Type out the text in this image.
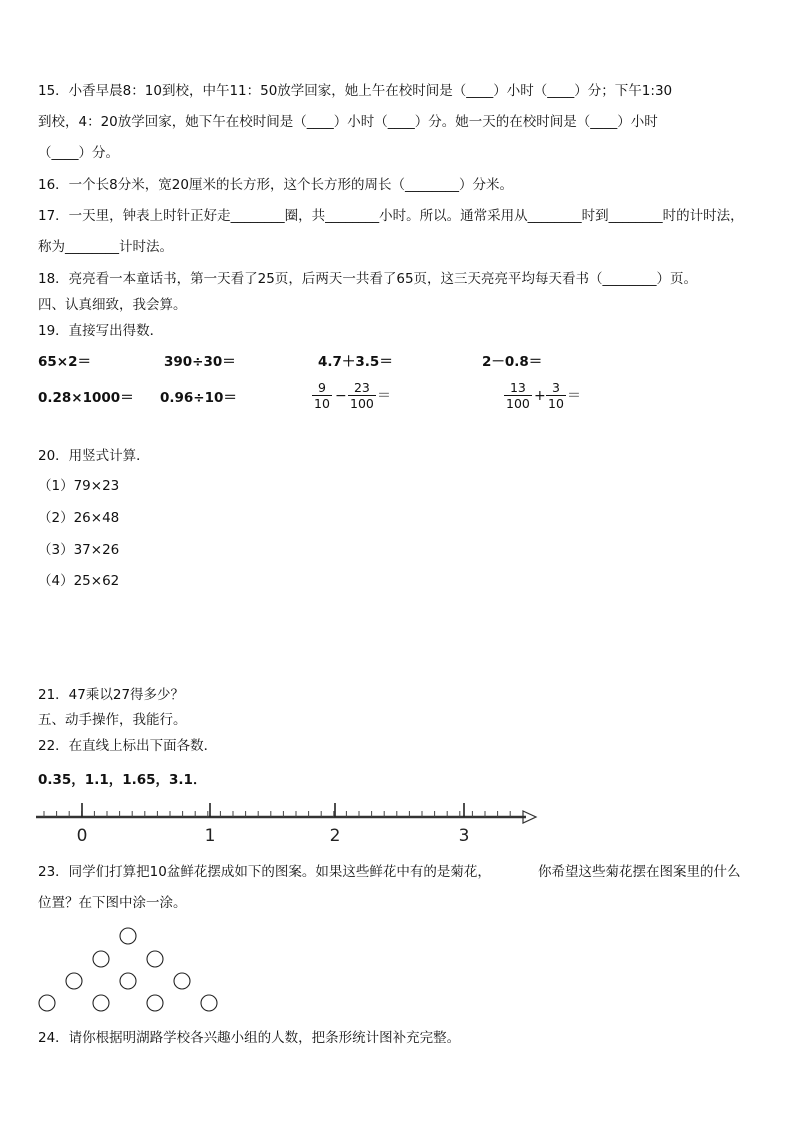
15．小香早晨8：10到校，中午11：50放学回家，她上午在校时间是（____）小时（____）分；下午1:30
到校，4：20放学回家，她下午在校时间是（____）小时（____）分。她一天的在校时间是（____）小时
（____）分。
16．一个长8分米，宽20厘米的长方形，这个长方形的周长（________）分米。
17．一天里，钟表上时针正好走________圈，共________小时。所以。通常采用从________时到________时的计时法，
称为________计时法。
18．亮亮看一本童话书，第一天看了25页，后两天一共看了65页，这三天亮亮平均每天看书（________）页。
四、认真细致，我会算。
19．直接写出得数．
65×2＝	390÷30＝	4.7＋3.5＝	2－0.8＝
0.28×1000＝ 0.96÷10＝	$\frac{9}{10} - \frac{23}{100}$ ＝	$\frac{13}{100} + \frac{3}{10}$ ＝
20．用竖式计算．
（1）79×23
（2）26×48
（3）37×26
（4）25×62
21．47乘以27得多少？
五、动手操作，我能行。
22．在直线上标出下面各数．
0.35，1.1，1.65，3.1．
0	1	2	3
23．同学们打算把10盆鲜花摆成如下的图案。如果这些鲜花中有的是菊花，	你希望这些菊花摆在图案里的什么
位置？在下图中涂一涂。
24．请你根据明湖路学校各兴趣小组的人数，把条形统计图补充完整。
